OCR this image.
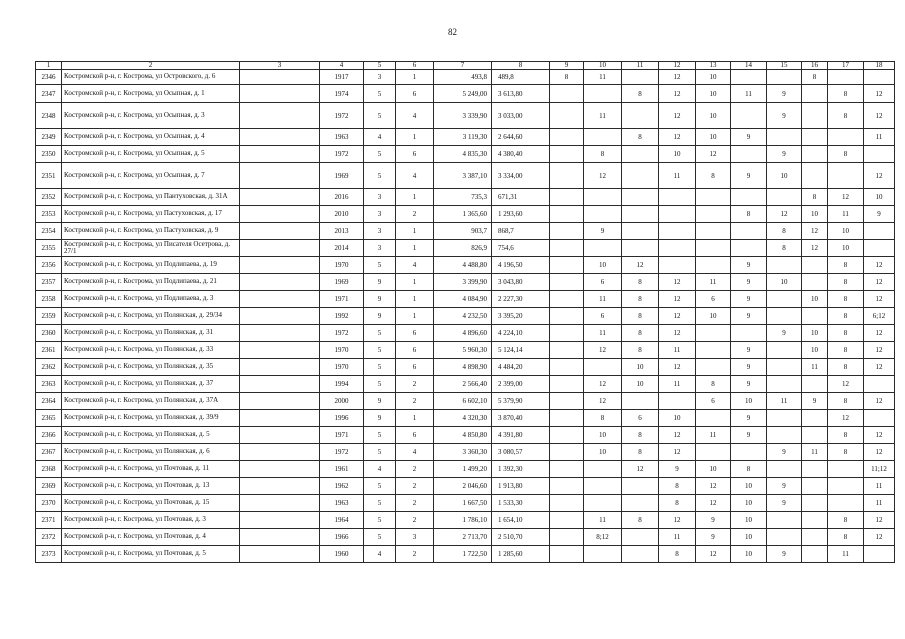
82
1	2	3	4	5	6	7	8	9	10	11	12	13	14	15	16	17	18
2346	Костромской р-н, г. Кострома, ул Островского, д. 6		1917	3	1	493,8	489,8	8	11		12	10			8		
2347	Костромской р-н, г. Кострома, ул Осыпная, д. 1		1974	5	6	5 249,00	3 613,80			8	12	10	11	9		8	12
2348	Костромской р-н, г. Кострома, ул Осыпная, д. 3		1972	5	4	3 339,90	3 033,00		11		12	10		9		8	12
2349	Костромской р-н, г. Кострома, ул Осыпная, д. 4		1963	4	1	3 119,30	2 644,60			8	12	10	9				11
2350	Костромской р-н, г. Кострома, ул Осыпная, д. 5		1972	5	6	4 835,30	4 380,40		8		10	12		9		8	
2351	Костромской р-н, г. Кострома, ул Осыпная, д. 7		1969	5	4	3 387,10	3 334,00		12		11	8	9	10			12
2352	Костромской р-н, г. Кострома, ул Пантуховская, д. 31А		2016	3	1	735,3	671,31								8	12	10
2353	Костромской р-н, г. Кострома, ул Пастуховская, д. 17		2010	3	2	1 365,60	1 293,60						8	12	10	11	9
2354	Костромской р-н, г. Кострома, ул Пастуховская, д. 9		2013	3	1	903,7	868,7		9					8	12	10	
2355	Костромской р-н, г. Кострома, ул Писателя Осетрова, д. 27/1		2014	3	1	826,9	754,6							8	12	10	
2356	Костромской р-н, г. Кострома, ул Подлипаева, д. 19		1970	5	4	4 488,80	4 196,50		10	12			9			8	12
2357	Костромской р-н, г. Кострома, ул Подлипаева, д. 21		1969	9	1	3 399,90	3 043,80		6	8	12	11	9	10		8	12
2358	Костромской р-н, г. Кострома, ул Подлипаева, д. 3		1971	9	1	4 084,90	2 227,30		11	8	12	6	9		10	8	12
2359	Костромской р-н, г. Кострома, ул Полянская, д. 29/34		1992	9	1	4 232,50	3 395,20		6	8	12	10	9			8	6;12
2360	Костромской р-н, г. Кострома, ул Полянская, д. 31		1972	5	6	4 896,60	4 224,10		11	8	12			9	10	8	12
2361	Костромской р-н, г. Кострома, ул Полянская, д. 33		1970	5	6	5 960,30	5 124,14		12	8	11		9		10	8	12
2362	Костромской р-н, г. Кострома, ул Полянская, д. 35		1970	5	6	4 898,90	4 484,20			10	12		9		11	8	12
2363	Костромской р-н, г. Кострома, ул Полянская, д. 37		1994	5	2	2 566,40	2 399,00		12	10	11	8	9			12	
2364	Костромской р-н, г. Кострома, ул Полянская, д. 37А		2000	9	2	6 602,10	5 379,90		12			6	10	11	9	8	12
2365	Костромской р-н, г. Кострома, ул Полянская, д. 39/9		1996	9	1	4 320,30	3 870,40		8	6	10		9			12	
2366	Костромской р-н, г. Кострома, ул Полянская, д. 5		1971	5	6	4 850,80	4 391,80		10	8	12	11	9			8	12
2367	Костромской р-н, г. Кострома, ул Полянская, д. 6		1972	5	4	3 360,30	3 080,57		10	8	12			9	11	8	12
2368	Костромской р-н, г. Кострома, ул Почтовая, д. 11		1961	4	2	1 499,20	1 392,30			12	9	10	8				11;12
2369	Костромской р-н, г. Кострома, ул Почтовая, д. 13		1962	5	2	2 046,60	1 913,80				8	12	10	9			11
2370	Костромской р-н, г. Кострома, ул Почтовая, д. 15		1963	5	2	1 667,50	1 533,30				8	12	10	9			11
2371	Костромской р-н, г. Кострома, ул Почтовая, д. 3		1964	5	2	1 786,10	1 654,10		11	8	12	9	10			8	12
2372	Костромской р-н, г. Кострома, ул Почтовая, д. 4		1966	5	3	2 713,70	2 510,70		8;12		11	9	10			8	12
2373	Костромской р-н, г. Кострома, ул Почтовая, д. 5		1960	4	2	1 722,50	1 285,60				8	12	10	9		11	
